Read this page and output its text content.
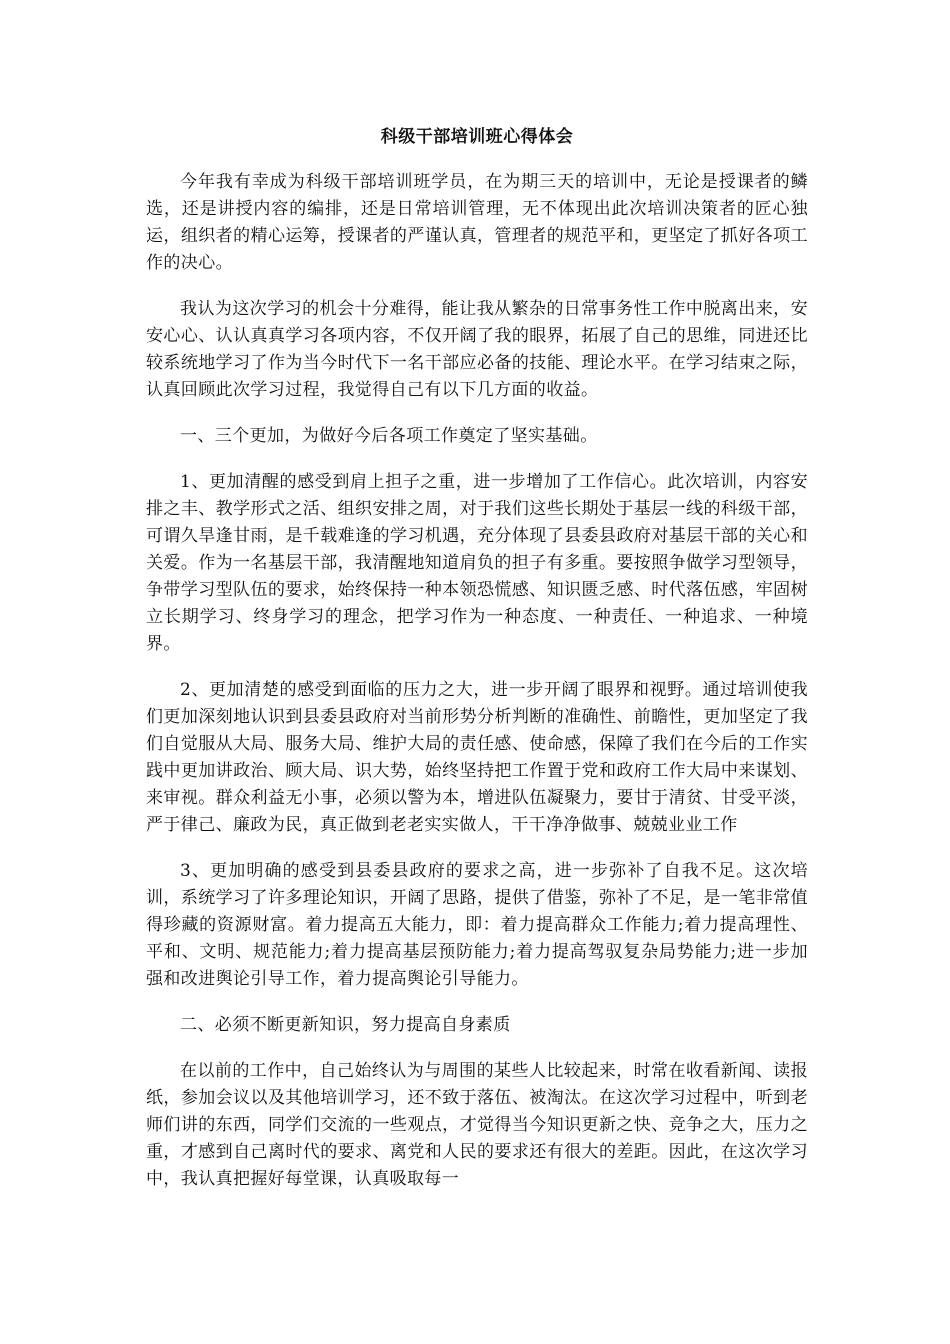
科级干部培训班心得体会

今年我有幸成为科级干部培训班学员，在为期三天的培训中，无论是授课者的鳞选，还是讲授内容的编排，还是日常培训管理，无不体现出此次培训决策者的匠心独运，组织者的精心运筹，授课者的严谨认真，管理者的规范平和，更坚定了抓好各项工作的决心。

我认为这次学习的机会十分难得，能让我从繁杂的日常事务性工作中脱离出来，安安心心、认认真真学习各项内容，不仅开阔了我的眼界，拓展了自己的思维，同进还比较系统地学习了作为当今时代下一名干部应必备的技能、理论水平。在学习结束之际，认真回顾此次学习过程，我觉得自己有以下几方面的收益。

一、三个更加，为做好今后各项工作奠定了坚实基础。

1、更加清醒的感受到肩上担子之重，进一步增加了工作信心。此次培训，内容安排之丰、教学形式之活、组织安排之周，对于我们这些长期处于基层一线的科级干部，可谓久旱逢甘雨，是千载难逢的学习机遇，充分体现了县委县政府对基层干部的关心和关爱。作为一名基层干部，我清醒地知道肩负的担子有多重。要按照争做学习型领导，争带学习型队伍的要求，始终保持一种本领恐慌感、知识匮乏感、时代落伍感，牢固树立长期学习、终身学习的理念，把学习作为一种态度、一种责任、一种追求、一种境界。

2、更加清楚的感受到面临的压力之大，进一步开阔了眼界和视野。通过培训使我们更加深刻地认识到县委县政府对当前形势分析判断的准确性、前瞻性，更加坚定了我们自觉服从大局、服务大局、维护大局的责任感、使命感，保障了我们在今后的工作实践中更加讲政治、顾大局、识大势，始终坚持把工作置于党和政府工作大局中来谋划、来审视。群众利益无小事，必须以警为本，增进队伍凝聚力，要甘于清贫、甘受平淡，严于律己、廉政为民，真正做到老老实实做人，干干净净做事、兢兢业业工作

3、更加明确的感受到县委县政府的要求之高，进一步弥补了自我不足。这次培训，系统学习了许多理论知识，开阔了思路，提供了借鉴，弥补了不足，是一笔非常值得珍藏的资源财富。着力提高五大能力，即：着力提高群众工作能力;着力提高理性、平和、文明、规范能力;着力提高基层预防能力;着力提高驾驭复杂局势能力;进一步加强和改进舆论引导工作，着力提高舆论引导能力。

二、必须不断更新知识，努力提高自身素质

在以前的工作中，自己始终认为与周围的某些人比较起来，时常在收看新闻、读报纸，参加会议以及其他培训学习，还不致于落伍、被淘汰。在这次学习过程中，听到老师们讲的东西，同学们交流的一些观点，才觉得当今知识更新之快、竞争之大，压力之重，才感到自己离时代的要求、离党和人民的要求还有很大的差距。因此，在这次学习中，我认真把握好每堂课，认真吸取每一
